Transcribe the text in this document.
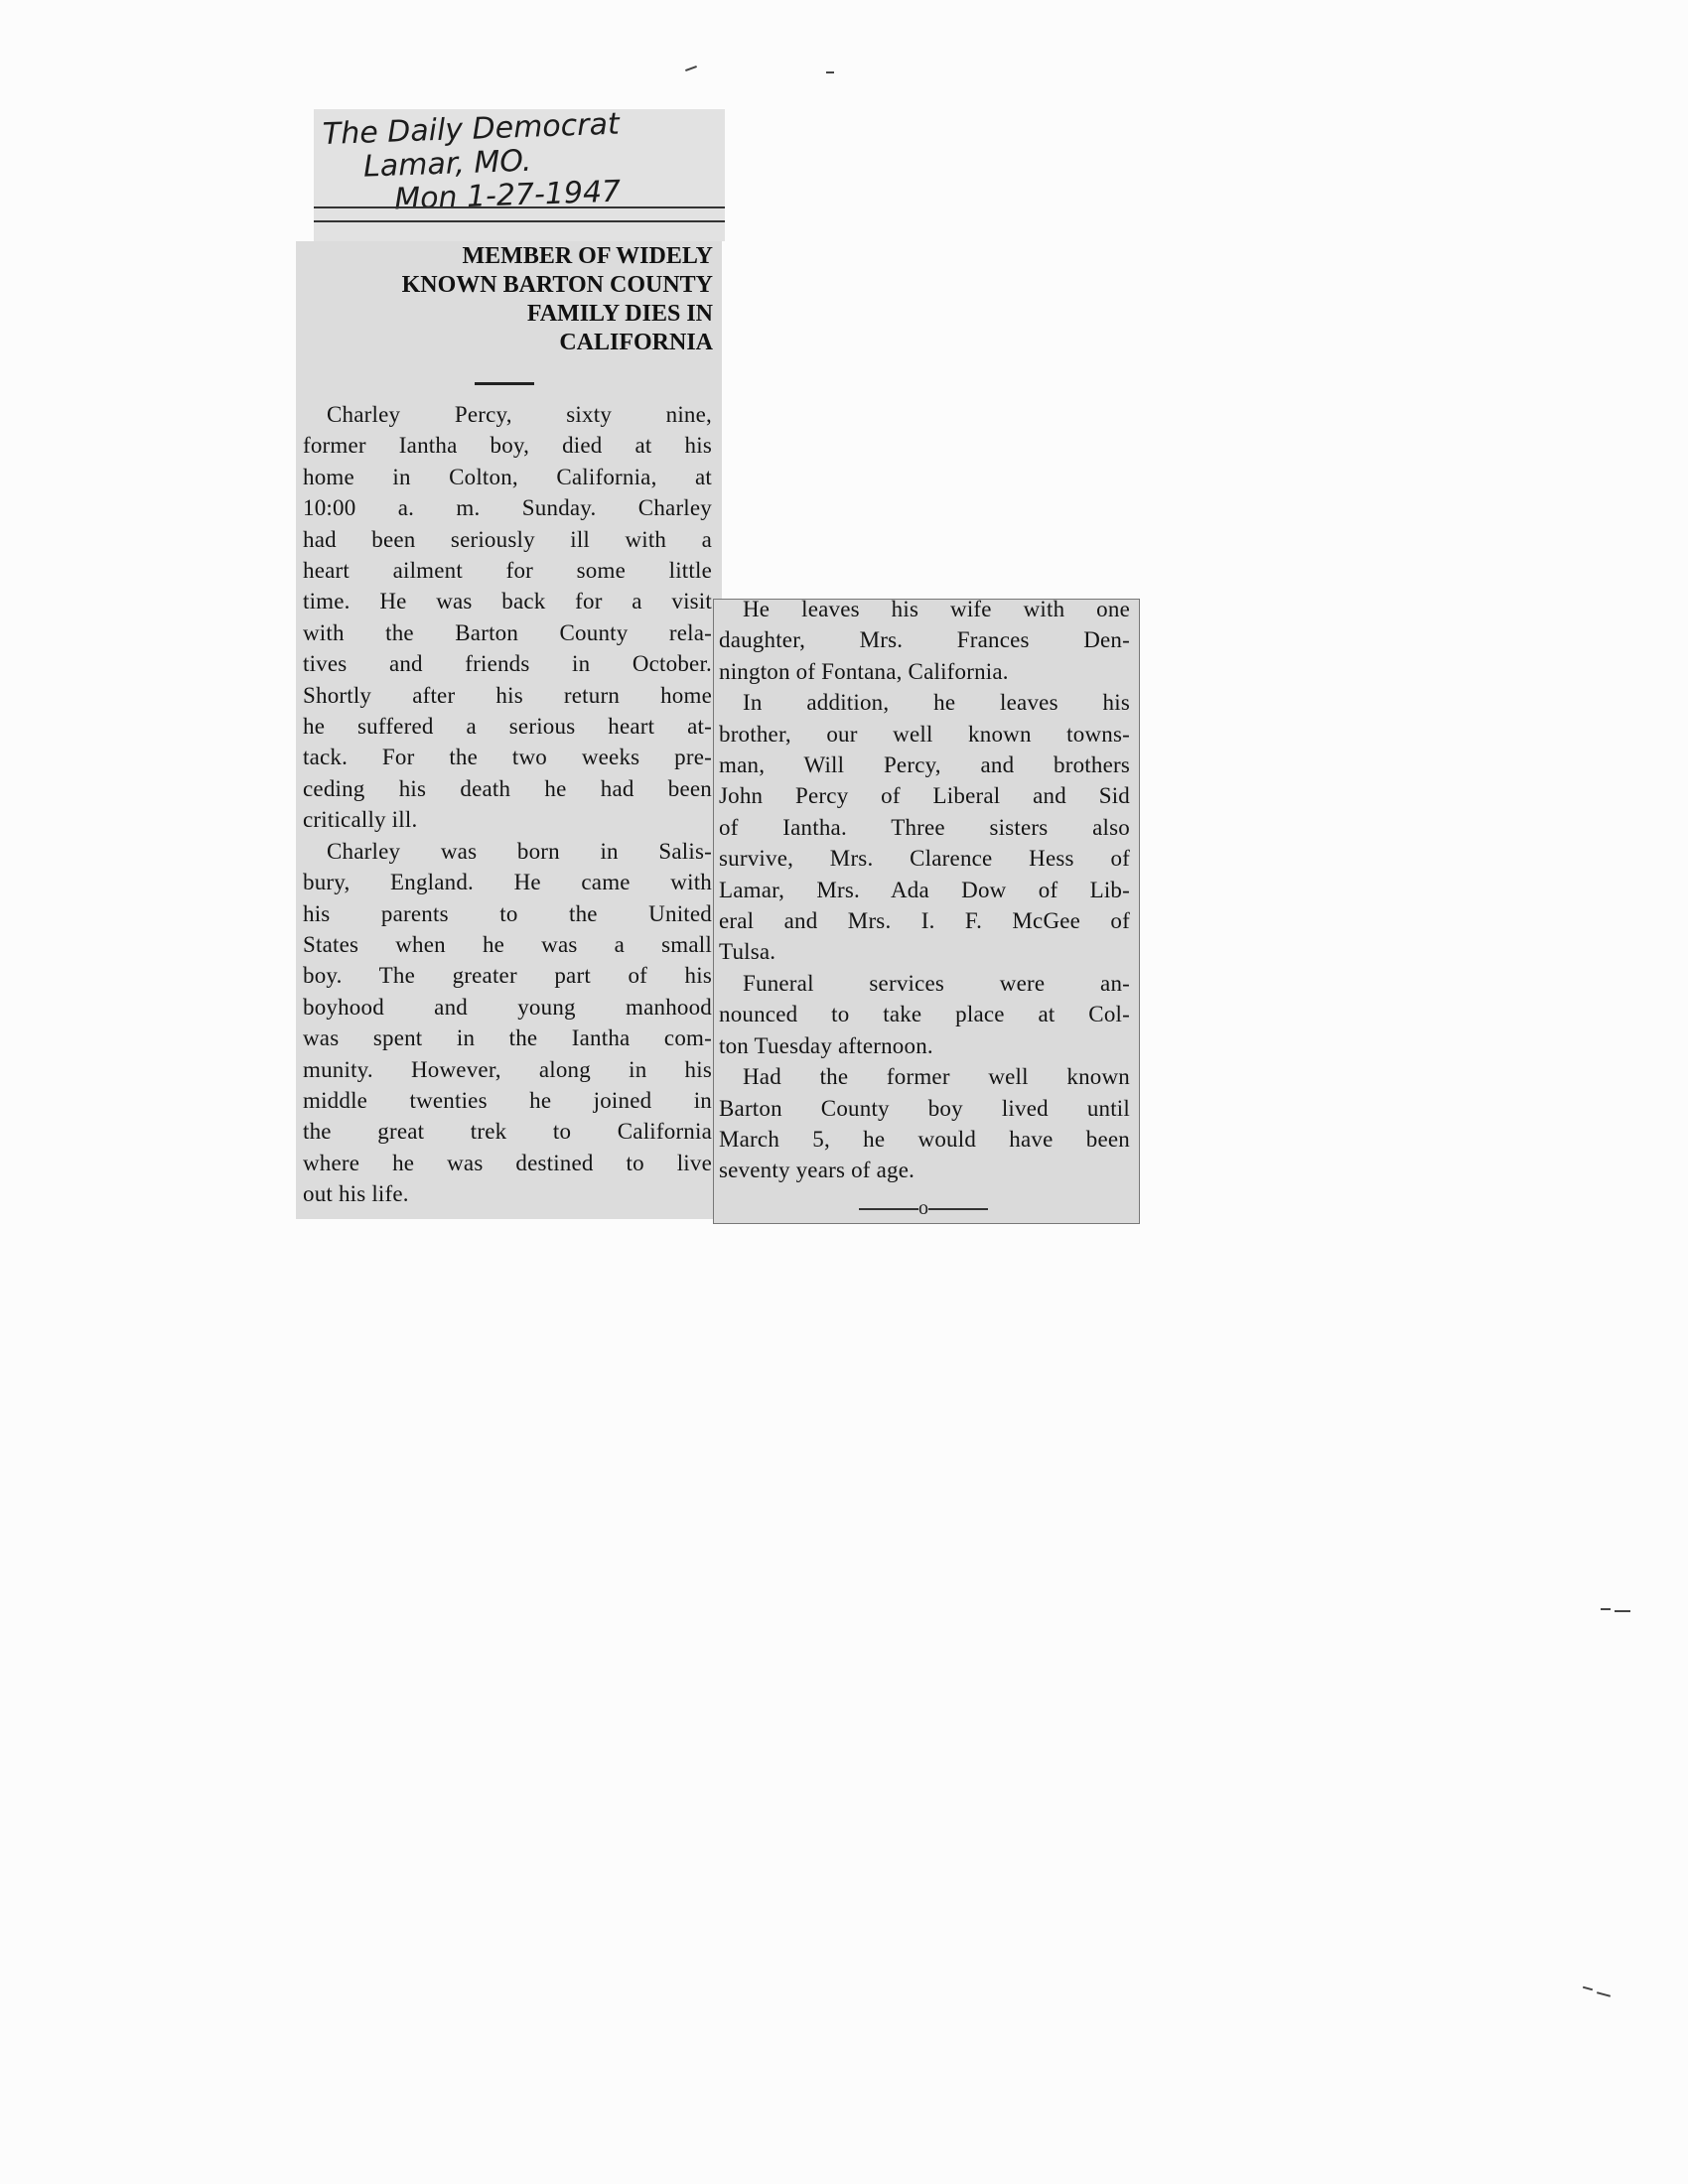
The Daily Democrat
Lamar, MO.
Mon 1-27-1947
MEMBER OF WIDELY
KNOWN BARTON COUNTY
FAMILY DIES IN
CALIFORNIA
Charley Percy, sixty nine,
former Iantha boy, died at his
home in Colton, California, at
10:00 a. m. Sunday. Charley
had been seriously ill with a
heart ailment for some little
time. He was back for a visit
with the Barton County rela-
tives and friends in October.
Shortly after his return home
he suffered a serious heart at-
tack. For the two weeks pre-
ceding his death he had been
critically ill.
Charley was born in Salis-
bury, England. He came with
his parents to the United
States when he was a small
boy. The greater part of his
boyhood and young manhood
was spent in the Iantha com-
munity. However, along in his
middle twenties he joined in
the great trek to California
where he was destined to live
out his life.
He leaves his wife with one
daughter, Mrs. Frances Den-
nington of Fontana, California.
In addition, he leaves his
brother, our well known towns-
man, Will Percy, and brothers
John Percy of Liberal and Sid
of Iantha. Three sisters also
survive, Mrs. Clarence Hess of
Lamar, Mrs. Ada Dow of Lib-
eral and Mrs. I. F. McGee of
Tulsa.
Funeral services were an-
nounced to take place at Col-
ton Tuesday afternoon.
Had the former well known
Barton County boy lived until
March 5, he would have been
seventy years of age.
o
